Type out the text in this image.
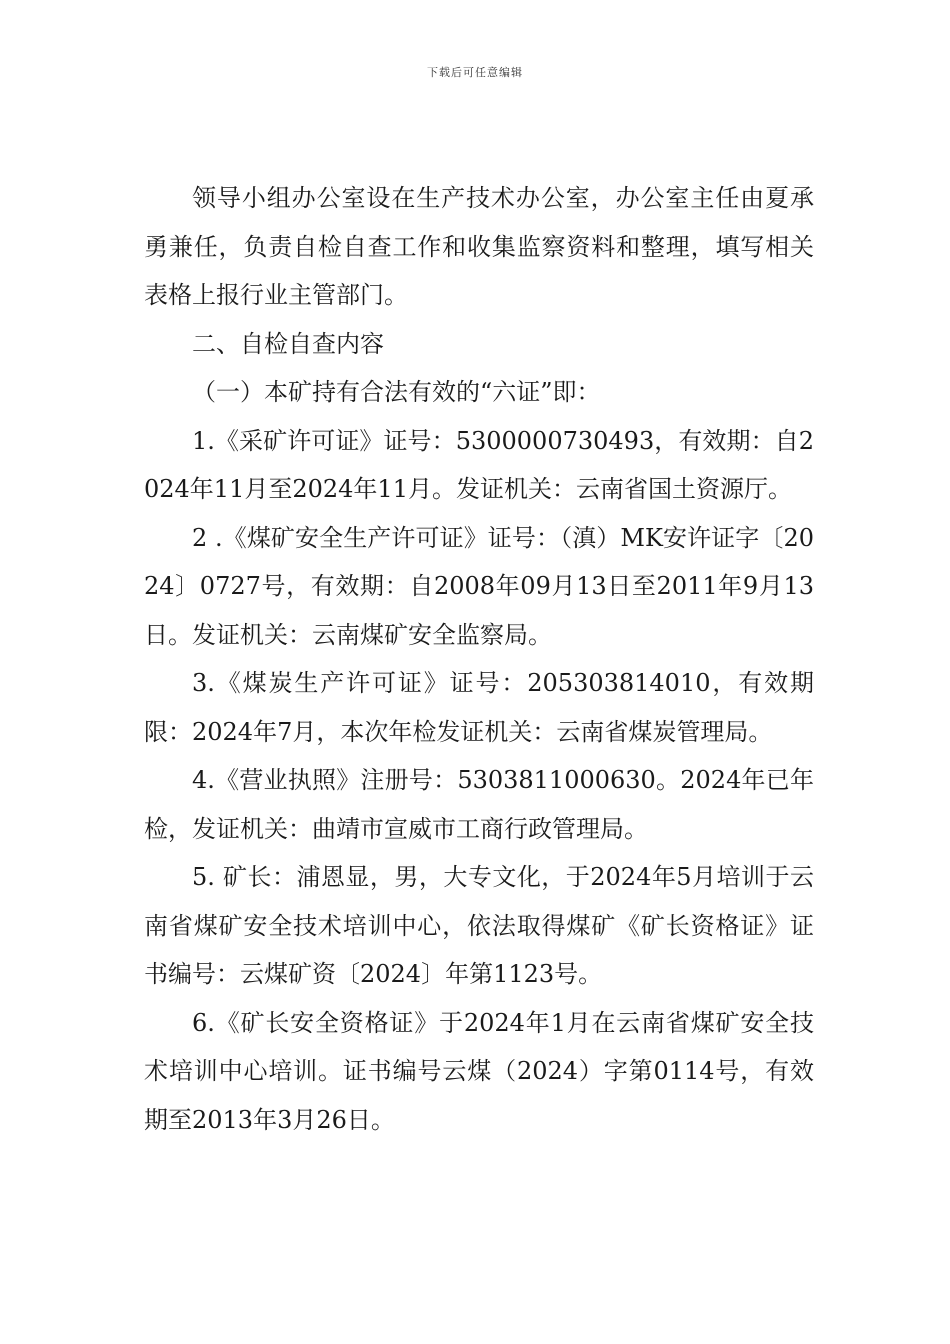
下载后可任意编辑

领导小组办公室设在生产技术办公室，办公室主任由夏承勇兼任，负责自检自查工作和收集监察资料和整理，填写相关表格上报行业主管部门。

二、自检自查内容

（一）本矿持有合法有效的“六证”即：

1.《采矿许可证》证号：5300000730493，有效期：自2024年11月至2024年11月。发证机关：云南省国土资源厅。

2 .《煤矿安全生产许可证》证号：（滇）MK安许证字〔2024〕0727号，有效期：自2008年09月13日至2011年9月13日。发证机关：云南煤矿安全监察局。

3.《煤炭生产许可证》证号：205303814010，有效期限：2024年7月，本次年检发证机关：云南省煤炭管理局。

4.《营业执照》注册号：5303811000630。2024年已年检，发证机关：曲靖市宣威市工商行政管理局。

5. 矿长：浦恩显，男，大专文化，于2024年5月培训于云南省煤矿安全技术培训中心，依法取得煤矿《矿长资格证》证书编号：云煤矿资〔2024〕年第1123号。

6.《矿长安全资格证》于2024年1月在云南省煤矿安全技术培训中心培训。证书编号云煤（2024）字第0114号，有效期至2013年3月26日。
